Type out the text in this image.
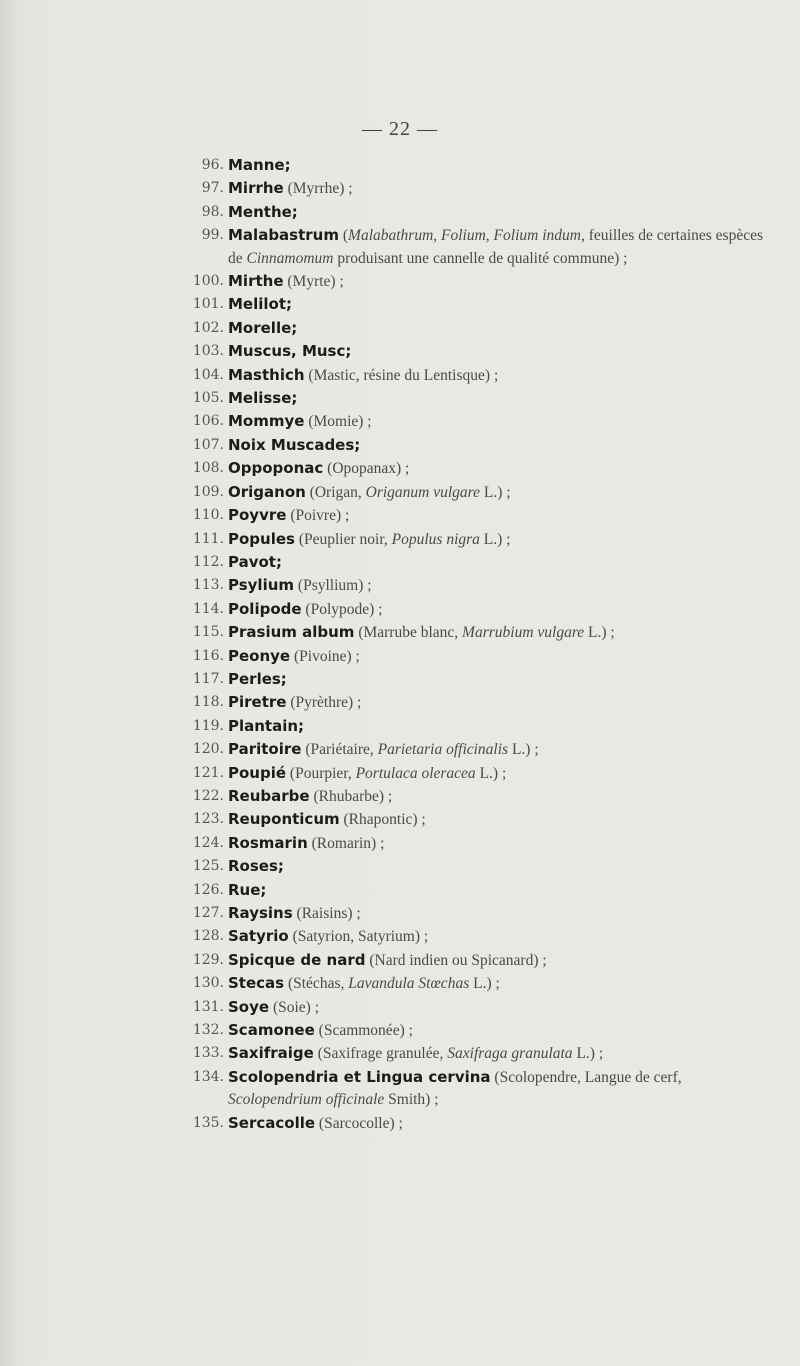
— 22 —
96. Manne;
97. Mirrhe (Myrrhe) ;
98. Menthe;
99. Malabastrum (Malabathrum, Folium, Folium indum, feuilles de certaines espèces de Cinnamomum produisant une cannelle de qualité commune) ;
100. Mirthe (Myrte) ;
101. Melilot;
102. Morelle;
103. Muscus, Musc;
104. Masthich (Mastic, résine du Lentisque) ;
105. Melisse;
106. Mommye (Momie) ;
107. Noix Muscades;
108. Oppoponac (Opopanax) ;
109. Origanon (Origan, Origanum vulgare L.) ;
110. Poyvre (Poivre) ;
111. Popules (Peuplier noir, Populus nigra L.) ;
112. Pavot;
113. Psylium (Psyllium) ;
114. Polipode (Polypode) ;
115. Prasium album (Marrube blanc, Marrubium vulgare L.) ;
116. Peonye (Pivoine) ;
117. Perles;
118. Piretre (Pyrèthre) ;
119. Plantain;
120. Paritoire (Pariétaire, Parietaria officinalis L.) ;
121. Poupié (Pourpier, Portulaca oleracea L.) ;
122. Reubarbe (Rhubarbe) ;
123. Reuponticum (Rhapontic) ;
124. Rosmarin (Romarin) ;
125. Roses;
126. Rue;
127. Raysins (Raisins) ;
128. Satyrio (Satyrion, Satyrium) ;
129. Spicque de nard (Nard indien ou Spicanard) ;
130. Stecas (Stéchas, Lavandula Stœchas L.) ;
131. Soye (Soie) ;
132. Scamonee (Scammonée) ;
133. Saxifraige (Saxifrage granulée, Saxifraga granulata L.) ;
134. Scolopendria et Lingua cervina (Scolopendre, Langue de cerf, Scolopendrium officinale Smith) ;
135. Sercacolle (Sarcocolle) ;
